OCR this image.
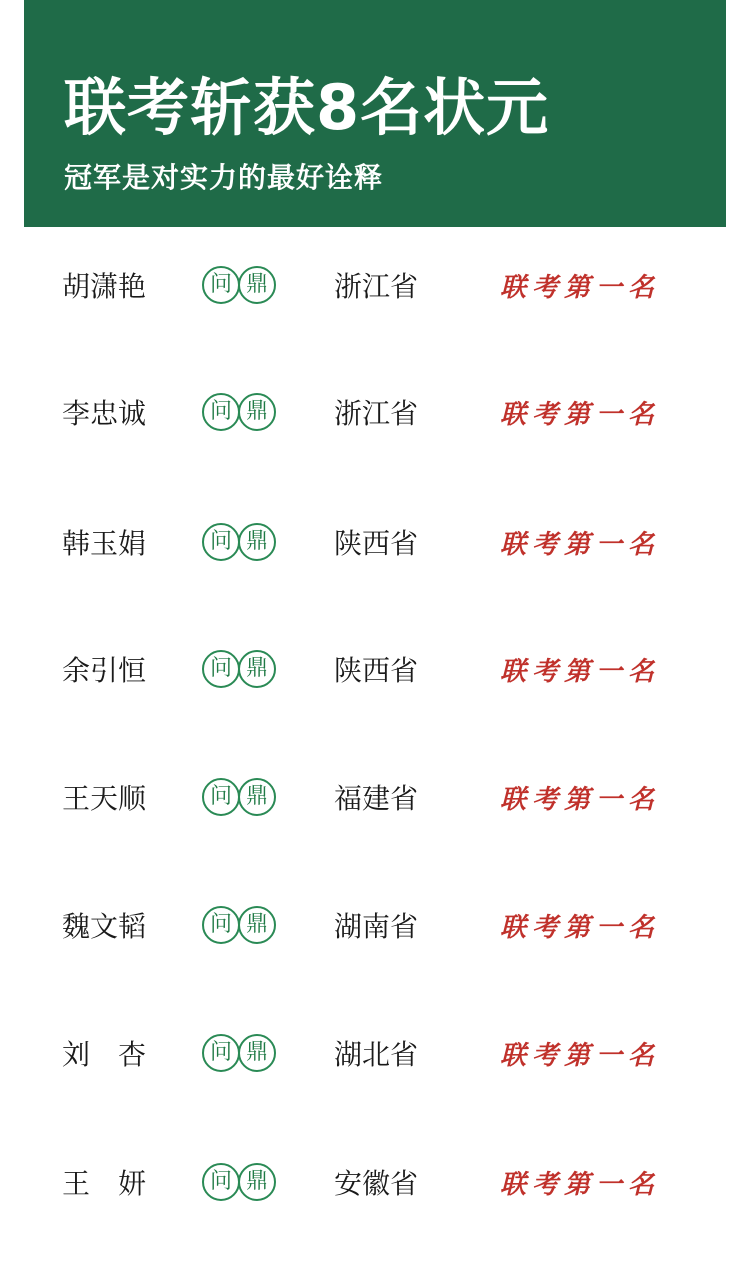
联考斩获8名状元
冠军是对实力的最好诠释
胡潇艳	问 鼎 浙江省	联考第一名
李忠诚	问 鼎 浙江省	联考第一名
韩玉娟	问 鼎 陕西省	联考第一名
余引恒	问 鼎 陕西省	联考第一名
王天顺	问 鼎 福建省	联考第一名
魏文韬	问 鼎 湖南省	联考第一名
刘　杏	问 鼎 湖北省	联考第一名
王　妍	问 鼎 安徽省	联考第一名
